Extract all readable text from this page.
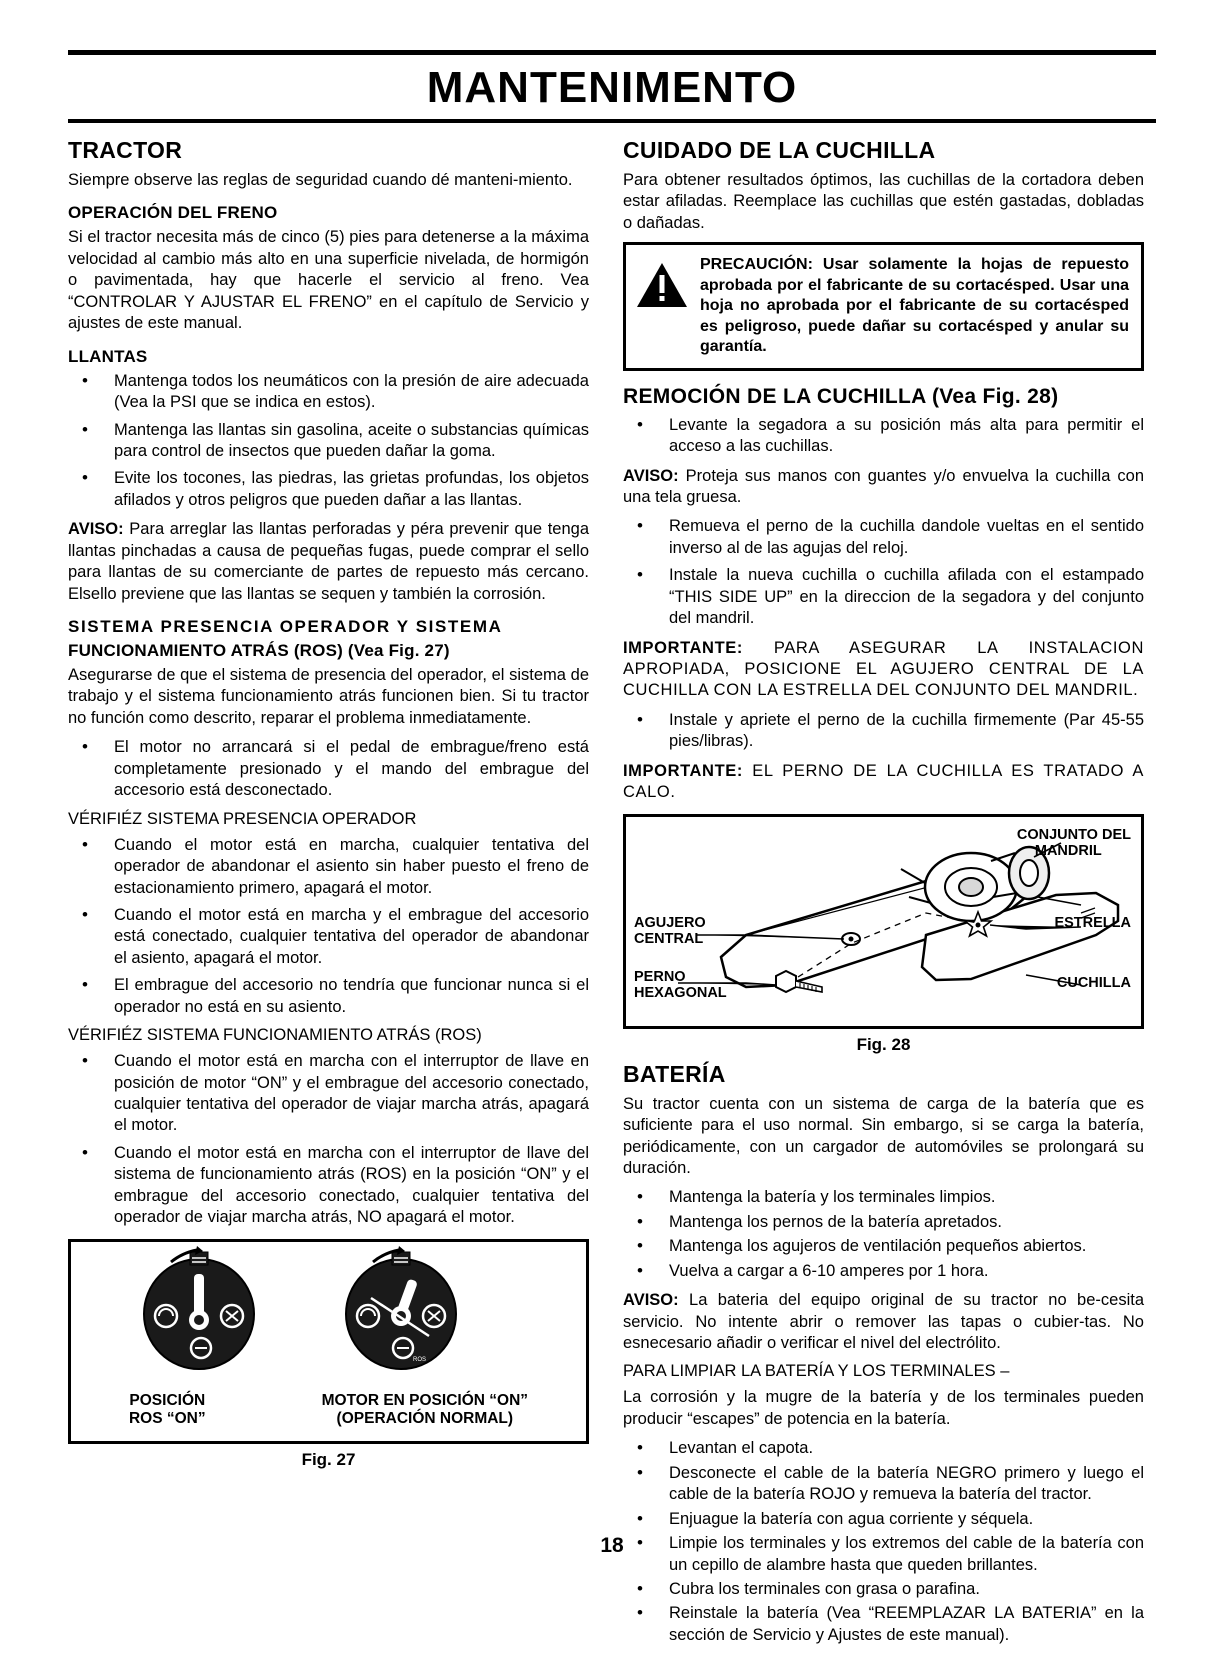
MANTENIMENTO
TRACTOR

Siempre observe las reglas de seguridad cuando dé manteni-miento.

OPERACIÓN DEL FRENO

Si el tractor necesita más de cinco (5) pies para detenerse a la máxima velocidad al cambio más alto en una superficie nivelada, de hormigón o pavimentada, hay que hacerle el servicio al freno. Vea “CONTROLAR Y AJUSTAR EL FRENO” en el capítulo de Servicio y ajustes de este manual.

LLANTAS
• Mantenga todos los neumáticos con la presión de aire adecuada (Vea la PSI que se indica en estos).
• Mantenga las llantas sin gasolina, aceite o substancias químicas para control de insectos que pueden dañar la goma.
• Evite los tocones, las piedras, las grietas profundas, los objetos afilados y otros peligros que pueden dañar a las llantas.

AVISO: Para arreglar las llantas perforadas y péra prevenir que tenga llantas pinchadas a causa de pequeñas fugas, puede comprar el sello para llantas de su comerciante de partes de repuesto más cercano. Elsello previene que las llantas se sequen y también la corrosión.

SISTEMA PRESENCIA OPERADOR Y SISTEMA
FUNCIONAMIENTO ATRÁS (ROS) (Vea Fig. 27)

Asegurarse de que el sistema de presencia del operador, el sistema de trabajo y el sistema funcionamiento atrás funcionen bien. Si tu tractor no función como descrito, reparar el problema inmediatamente.

• El motor no arrancará si el pedal de embrague/freno está completamente presionado y el mando del embrague del accesorio está desconectado.

VÉRIFIÉZ SISTEMA PRESENCIA OPERADOR

• Cuando el motor está en marcha, cualquier tentativa del operador de abandonar el asiento sin haber puesto el freno de estacionamiento primero, apagará el motor.
• Cuando el motor está en marcha y el embrague del accesorio está conectado, cualquier tentativa del operador de abandonar el asiento, apagará el motor.
• El embrague del accesorio no tendría que funcionar nunca si el operador no está en su asiento.

VÉRIFIÉZ SISTEMA FUNCIONAMIENTO ATRÁS (ROS)

• Cuando el motor está en marcha con el interruptor de llave en posición de motor “ON” y el embrague del accesorio conectado, cualquier tentativa del operador de viajar marcha atrás, apagará el motor.
• Cuando el motor está en marcha con el interruptor de llave del sistema de funcionamiento atrás (ROS) en la posición “ON” y el embrague del accesorio conectado, cualquier tentativa del operador de viajar marcha atrás, NO apagará el motor.
ROS
POSICIÓN
ROS “ON”
MOTOR EN POSICIÓN “ON”
(OPERACIÓN NORMAL)
Fig. 27
CUIDADO DE LA CUCHILLA

Para obtener resultados óptimos, las cuchillas de la cortadora deben estar afiladas. Reemplace las cuchillas que estén gastadas, dobladas o dañadas.

PRECAUCIÓN: Usar solamente la hojas de repuesto aprobada por el fabricante de su cortacésped. Usar una hoja no aprobada por el fabricante de su cortacésped es peligroso, puede dañar su cortacésped y anular su garantía.
REMOCIÓN DE LA CUCHILLA (Vea Fig. 28)
• Levante la segadora a su posición más alta para permitir el acceso a las cuchillas.

AVISO: Proteja sus manos con guantes y/o envuelva la cuchilla con una tela gruesa.

• Remueva el perno de la cuchilla dandole vueltas en el sentido inverso al de las agujas del reloj.
• Instale la nueva cuchilla o cuchilla afilada con el estampado “THIS SIDE UP” en la direccion de la segadora y del conjunto del mandril.

IMPORTANTE: PARA ASEGURAR LA INSTALACION APROPIADA, POSICIONE EL AGUJERO CENTRAL DE LA CUCHILLA CON LA ESTRELLA DEL CONJUNTO DEL MANDRIL.

• Instale y apriete el perno de la cuchilla firmemente (Par 45-55 pies/libras).

IMPORTANTE: EL PERNO DE LA CUCHILLA ES TRATADO A CALO.

CONJUNTO DEL
MANDRIL
ESTRELLA
AGUJERO
CENTRAL
CUCHILLA
PERNO
HEXAGONAL
Fig. 28
BATERÍA

Su tractor cuenta con un sistema de carga de la batería que es suficiente para el uso normal. Sin embargo, si se carga la batería, periódicamente, con un cargador de automóviles se prolongará su duración.

• Mantenga la batería y los terminales limpios.
• Mantenga los pernos de la batería apretados.
• Mantenga los agujeros de ventilación pequeños abiertos.
• Vuelva a cargar a 6-10 amperes por 1 hora.

AVISO: La bateria del equipo original de su tractor no be-cesita servicio. No intente abrir o remover las tapas o cubier-tas. No esnecesario añadir o verificar el nivel del electrólito.

PARA LIMPIAR LA BATERÍA Y LOS TERMINALES –

La corrosión y la mugre de la batería y de los terminales pueden producir “escapes” de potencia en la batería.

• Levantan el capota.
• Desconecte el cable de la batería NEGRO primero y luego el cable de la batería ROJO y remueva la batería del tractor.
• Enjuague la batería con agua corriente y séquela.
• Limpie los terminales y los extremos del cable de la batería con un cepillo de alambre hasta que queden brillantes.
• Cubra los terminales con grasa o parafina.
• Reinstale la batería (Vea “REEMPLAZAR LA BATERIA” en la sección de Servicio y Ajustes de este manual).
18
